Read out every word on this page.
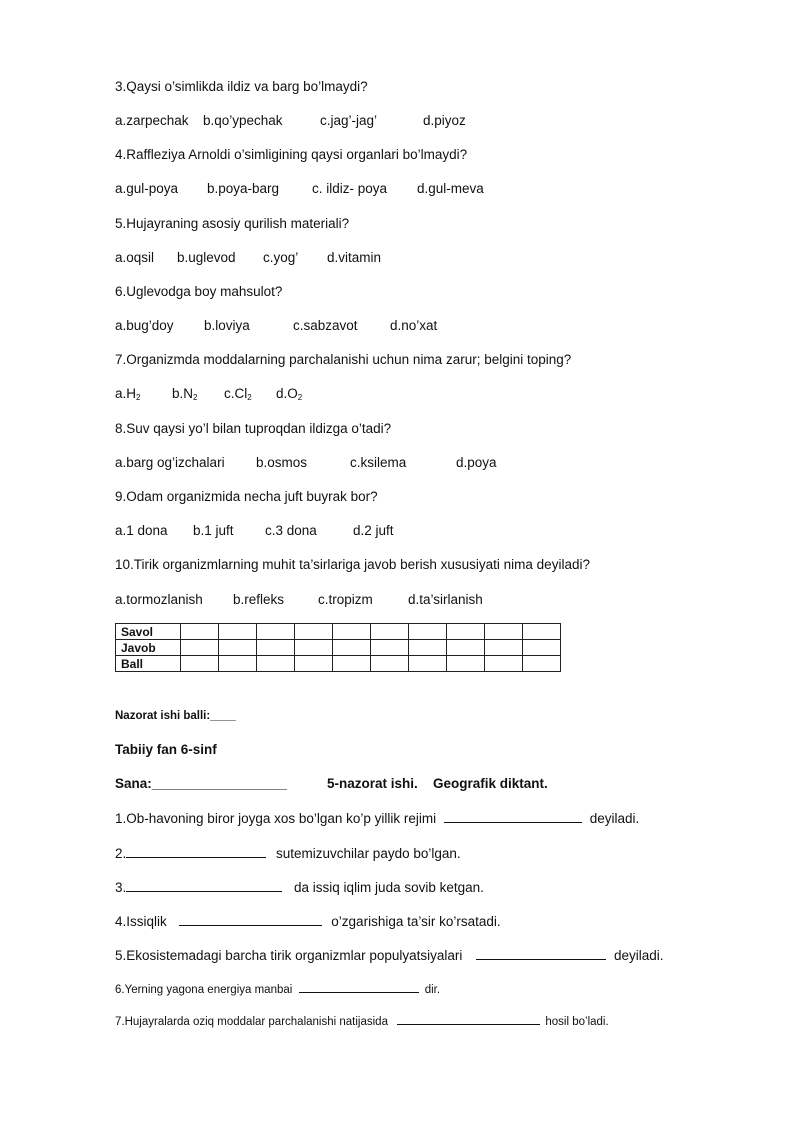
3.Qaysi o’simlikda ildiz va barg bo’lmaydi?
a.zarpechak b.qo’ypechak	c.jag’-jag’	d.piyoz
4.Raffleziya Arnoldi o’simligining qaysi organlari bo’lmaydi?
a.gul-poya b.poya-barg c. ildiz- poya d.gul-meva
5.Hujayraning asosiy qurilish materiali?
a.oqsil b.uglevod c.yog’ d.vitamin
6.Uglevodga boy mahsulot?
a.bug’doy b.loviya	c.sabzavot d.no’xat
7.Organizmda moddalarning parchalanishi uchun nima zarur; belgini toping?
$a.H_2$ $b.N_2$ $c.Cl_2$ $d.O_2$
8.Suv qaysi yo’l bilan tuproqdan ildizga o’tadi?
a.barg og’izchalari b.osmos	c.ksilema	d.poya
9.Odam organizmida necha juft buyrak bor?
a.1 dona b.1 juft c.3 dona	d.2 juft
10.Tirik organizmlarning muhit ta’sirlariga javob berish xususiyati nima deyiladi?
a.tormozlanish b.refleks	c.tropizm	d.ta’sirlanish
Savol										
Javob										
Ball										
Nazorat ishi balli:____
Tabiiy fan 6-sinf
Sana:__________________	5-nazorat ishi. Geografik diktant.
1.Ob-havoning biror joyga xos bo’lgan ko’p yillik rejimi	deyiladi.
2.	sutemizuvchilar paydo bo’lgan.
3.	da issiq iqlim juda sovib ketgan.
4.Issiqlik	o’zgarishiga ta’sir ko’rsatadi.
5.Ekosistemadagi barcha tirik organizmlar populyatsiyalari	deyiladi.
6.Yerning yagona energiya manbai	dir.
7.Hujayralarda oziq moddalar parchalanishi natijasida	hosil bo’ladi.
